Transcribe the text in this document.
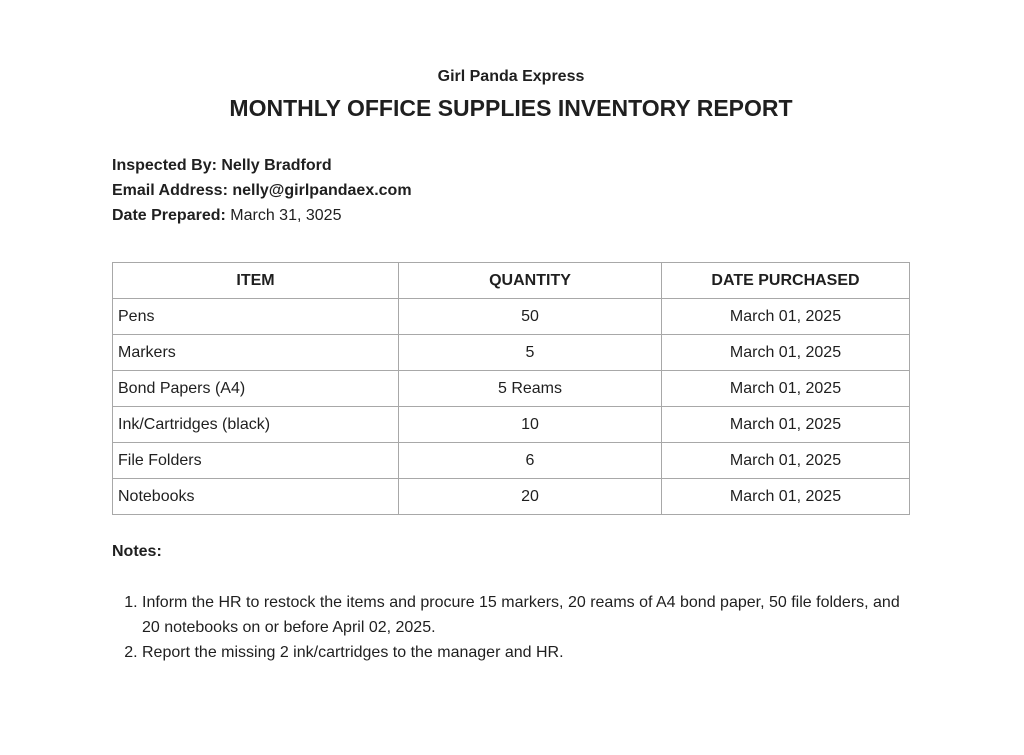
Girl Panda Express
MONTHLY OFFICE SUPPLIES INVENTORY REPORT
Inspected By: Nelly Bradford
Email Address: nelly@girlpandaex.com
Date Prepared: March 31, 3025
ITEM	QUANTITY	DATE PURCHASED
Pens	50	March 01, 2025
Markers	5	March 01, 2025
Bond Papers (A4)	5 Reams	March 01, 2025
Ink/Cartridges (black)	10	March 01, 2025
File Folders	6	March 01, 2025
Notebooks	20	March 01, 2025
Notes:
1. Inform the HR to restock the items and procure 15 markers, 20 reams of A4 bond paper, 50 file folders, and 20 notebooks on or before April 02, 2025.
2. Report the missing 2 ink/cartridges to the manager and HR.
